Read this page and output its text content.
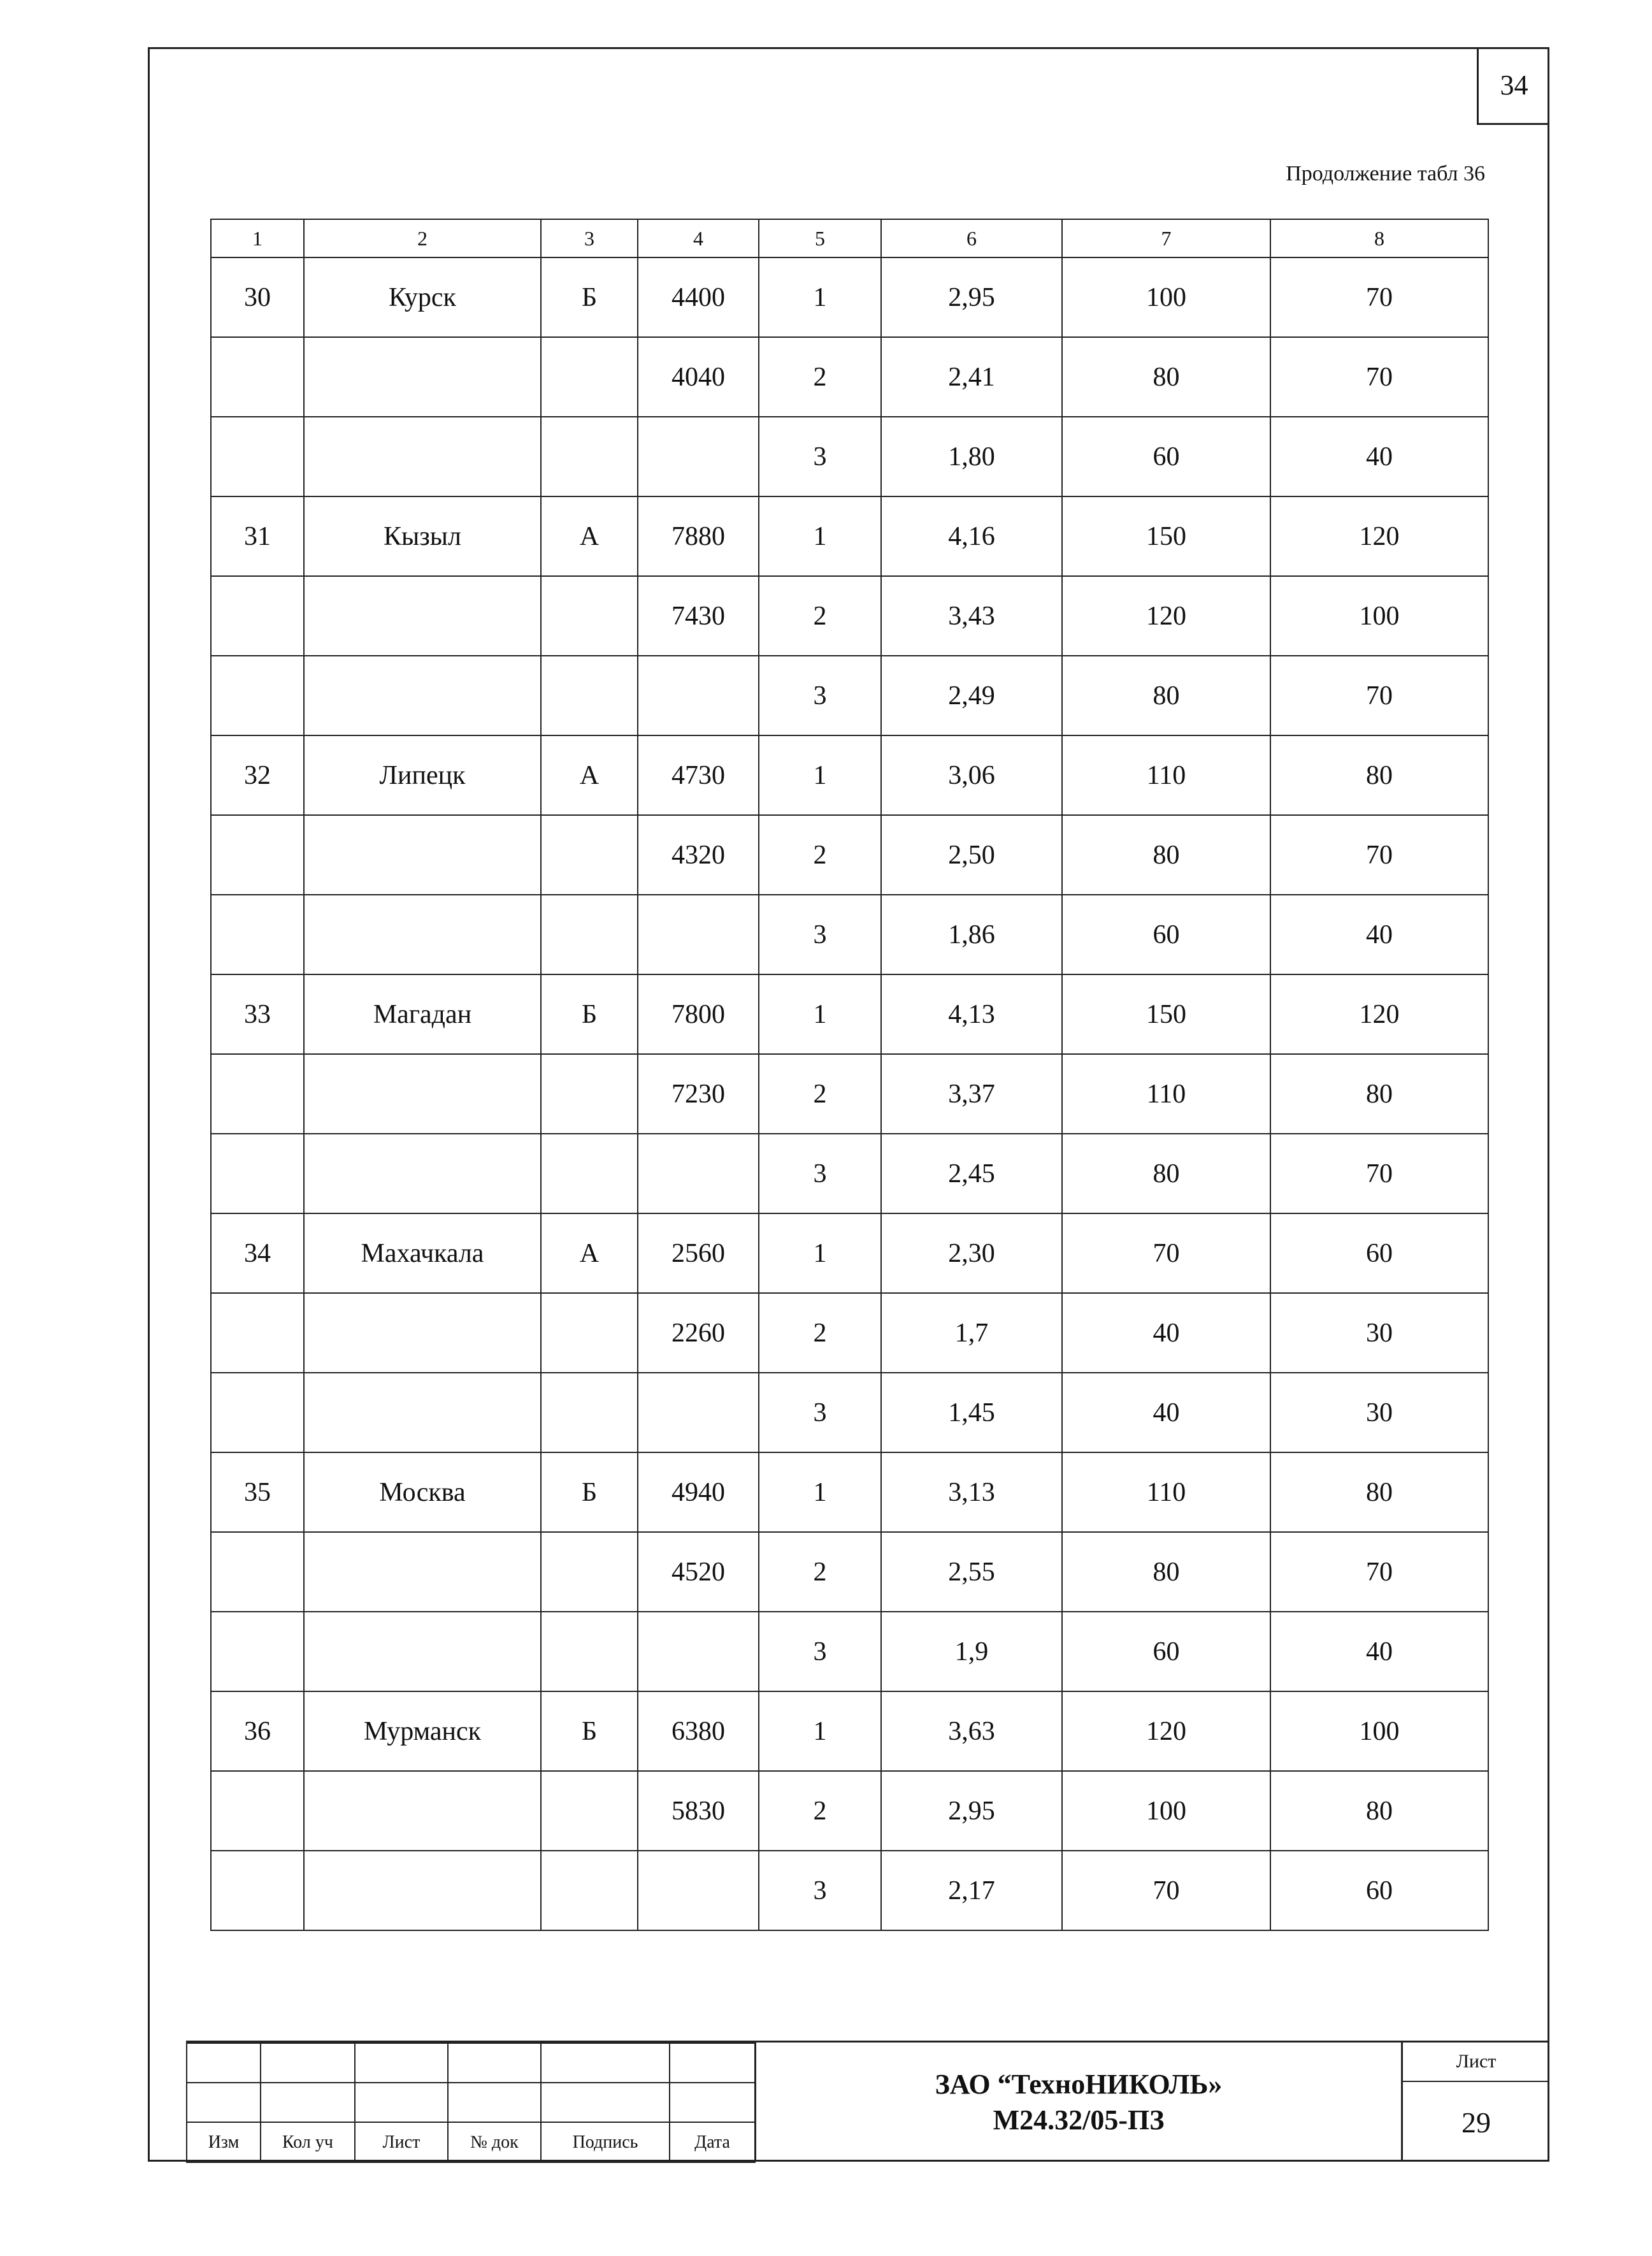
34
Продолжение табл 36
1	2	3	4	5	6	7	8
30	Курск	Б	4400	1	2,95	100	70
			4040	2	2,41	80	70
				3	1,80	60	40
31	Кызыл	А	7880	1	4,16	150	120
			7430	2	3,43	120	100
				3	2,49	80	70
32	Липецк	А	4730	1	3,06	110	80
			4320	2	2,50	80	70
				3	1,86	60	40
33	Магадан	Б	7800	1	4,13	150	120
			7230	2	3,37	110	80
				3	2,45	80	70
34	Махачкала	А	2560	1	2,30	70	60
			2260	2	1,7	40	30
				3	1,45	40	30
35	Москва	Б	4940	1	3,13	110	80
			4520	2	2,55	80	70
				3	1,9	60	40
36	Мурманск	Б	6380	1	3,63	120	100
			5830	2	2,95	100	80
				3	2,17	70	60

Изм	Кол уч	Лист	№ док	Подпись	Дата
ЗАО “ТехноНИКОЛЬ»
М24.32/05-ПЗ
Лист
29
